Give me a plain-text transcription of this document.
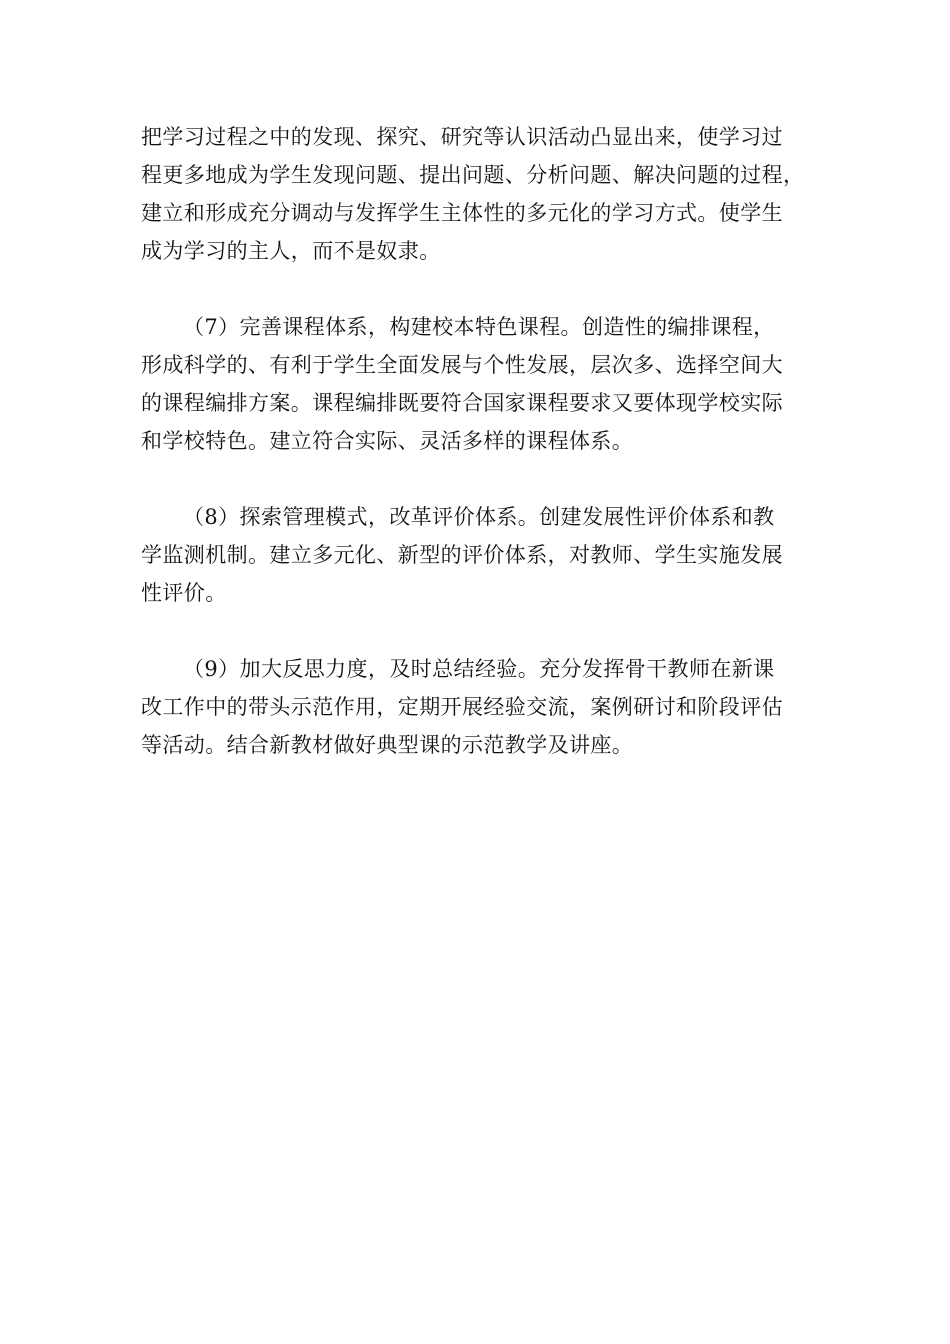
把学习过程之中的发现、探究、研究等认识活动凸显出来，使学习过
程更多地成为学生发现问题、提出问题、分析问题、解决问题的过程，
建立和形成充分调动与发挥学生主体性的多元化的学习方式。使学生
成为学习的主人，而不是奴隶。
（7）完善课程体系，构建校本特色课程。创造性的编排课程，
形成科学的、有利于学生全面发展与个性发展，层次多、选择空间大
的课程编排方案。课程编排既要符合国家课程要求又要体现学校实际
和学校特色。建立符合实际、灵活多样的课程体系。
（8）探索管理模式，改革评价体系。创建发展性评价体系和教
学监测机制。建立多元化、新型的评价体系，对教师、学生实施发展
性评价。
（9）加大反思力度，及时总结经验。充分发挥骨干教师在新课
改工作中的带头示范作用，定期开展经验交流，案例研讨和阶段评估
等活动。结合新教材做好典型课的示范教学及讲座。
